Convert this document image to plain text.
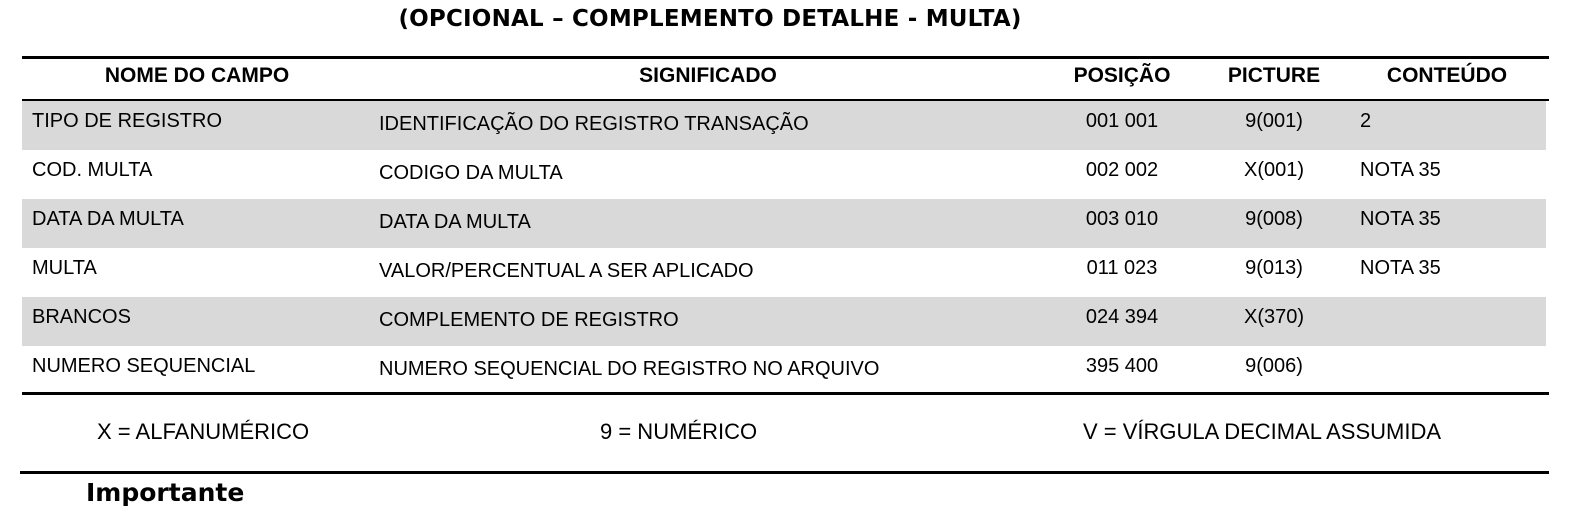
(OPCIONAL – COMPLEMENTO DETALHE - MULTA)
NOME DO CAMPO	SIGNIFICADO	POSIÇÃO	PICTURE	CONTEÚDO
TIPO DE REGISTRO	IDENTIFICAÇÃO DO REGISTRO TRANSAÇÃO	001 001	9(001)	2
COD. MULTA	CODIGO DA MULTA	002 002	X(001)	NOTA 35
DATA DA MULTA	DATA DA MULTA	003 010	9(008)	NOTA 35
MULTA	VALOR/PERCENTUAL A SER APLICADO	011 023	9(013)	NOTA 35
BRANCOS	COMPLEMENTO DE REGISTRO	024 394	X(370)
NUMERO SEQUENCIAL	NUMERO SEQUENCIAL DO REGISTRO NO ARQUIVO	395 400	9(006)
X = ALFANUMÉRICO	9 = NUMÉRICO	V = VÍRGULA DECIMAL ASSUMIDA
Importante
